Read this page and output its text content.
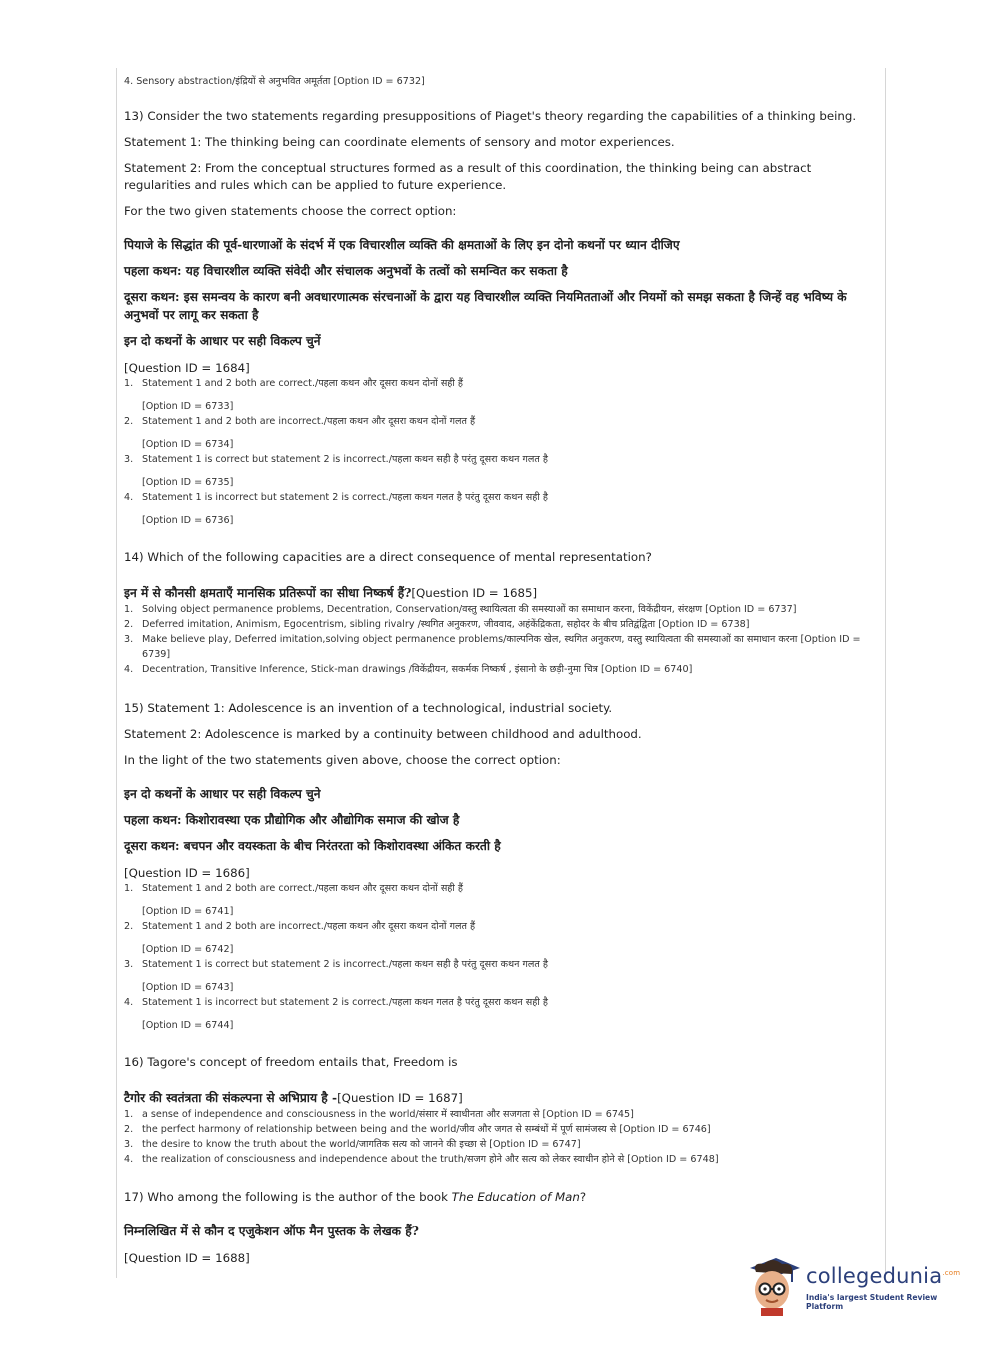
4. Sensory abstraction/इंद्रियों से अनुभवित अमूर्तता [Option ID = 6732]
13) Consider the two statements regarding presuppositions of Piaget's theory regarding the capabilities of a thinking being.
Statement 1: The thinking being can coordinate elements of sensory and motor experiences.
Statement 2: From the conceptual structures formed as a result of this coordination, the thinking being can abstract regularities and rules which can be applied to future experience.
For the two given statements choose the correct option:
पियाजे के सिद्धांत की पूर्व-धारणाओं के संदर्भ में एक विचारशील व्यक्ति की क्षमताओं के लिए इन दोनो कथनों पर ध्यान दीजिए
पहला कथन: यह विचारशील व्यक्ति संवेदी और संचालक अनुभवों के तत्वों को समन्वित कर सकता है
दूसरा कथन: इस समन्वय के कारण बनी अवधारणात्मक संरचनाओं के द्वारा यह विचारशील व्यक्ति नियमितताओं और नियमों को समझ सकता है जिन्हें वह भविष्य के अनुभवों पर लागू कर सकता है
इन दो कथनों के आधार पर सही विकल्प चुनें
[Question ID = 1684]
1. Statement 1 and 2 both are correct./पहला कथन और दूसरा कथन दोनों सही हैं
[Option ID = 6733]
2. Statement 1 and 2 both are incorrect./पहला कथन और दूसरा कथन दोनों गलत हैं
[Option ID = 6734]
3. Statement 1 is correct but statement 2 is incorrect./पहला कथन सही है परंतु दूसरा कथन गलत है
[Option ID = 6735]
4. Statement 1 is incorrect but statement 2 is correct./पहला कथन गलत है परंतु दूसरा कथन सही है
[Option ID = 6736]
14) Which of the following capacities are a direct consequence of mental representation?
इन में से कौनसी क्षमताएँ मानसिक प्रतिरूपों का सीधा निष्कर्ष हैं?[Question ID = 1685]
1. Solving object permanence problems, Decentration, Conservation/वस्तु स्थायित्वता की समस्याओं का समाधान करना, विकेंद्रीयन, संरक्षण [Option ID = 6737]
2. Deferred imitation, Animism, Egocentrism, sibling rivalry /स्थगित अनुकरण, जीववाद, अहंकेंद्रिकता, सहोदर के बीच प्रतिद्वंद्विता [Option ID = 6738]
3. Make believe play, Deferred imitation,solving object permanence problems/काल्पनिक खेल, स्थगित अनुकरण, वस्तु स्थायित्वता की समस्याओं का समाधान करना [Option ID = 6739]
4. Decentration, Transitive Inference, Stick-man drawings /विकेंद्रीयन, सकर्मक निष्कर्ष , इंसानो के छड़ी-नुमा चित्र [Option ID = 6740]
15) Statement 1: Adolescence is an invention of a technological, industrial society.
Statement 2: Adolescence is marked by a continuity between childhood and adulthood.
In the light of the two statements given above, choose the correct option:
इन दो कथनों के आधार पर सही विकल्प चुने
पहला कथन: किशोरावस्था एक प्रौद्योगिक और औद्योगिक समाज की खोज है
दूसरा कथन: बचपन और वयस्कता के बीच निरंतरता को किशोरावस्था अंकित करती है
[Question ID = 1686]
1. Statement 1 and 2 both are correct./पहला कथन और दूसरा कथन दोनों सही हैं
[Option ID = 6741]
2. Statement 1 and 2 both are incorrect./पहला कथन और दूसरा कथन दोनों गलत हैं
[Option ID = 6742]
3. Statement 1 is correct but statement 2 is incorrect./पहला कथन सही है परंतु दूसरा कथन गलत है
[Option ID = 6743]
4. Statement 1 is incorrect but statement 2 is correct./पहला कथन गलत है परंतु दूसरा कथन सही है
[Option ID = 6744]
16) Tagore's concept of freedom entails that, Freedom is
टैगोर की स्वतंत्रता की संकल्पना से अभिप्राय है -[Question ID = 1687]
1. a sense of independence and consciousness in the world/संसार में स्वाधीनता और सजगता से [Option ID = 6745]
2. the perfect harmony of relationship between being and the world/जीव और जगत से सम्बंधों में पूर्ण सामंजस्य से [Option ID = 6746]
3. the desire to know the truth about the world/जागतिक सत्य को जानने की इच्छा से [Option ID = 6747]
4. the realization of consciousness and independence about the truth/सजग होने और सत्य को लेकर स्वाधीन होने से [Option ID = 6748]
17) Who among the following is the author of the book The Education of Man?
निम्नलिखित में से कौन द एजुकेशन ऑफ मैन पुस्तक के लेखक हैं?
[Question ID = 1688]
collegedunia$^{.com}$
India's largest Student Review Platform
